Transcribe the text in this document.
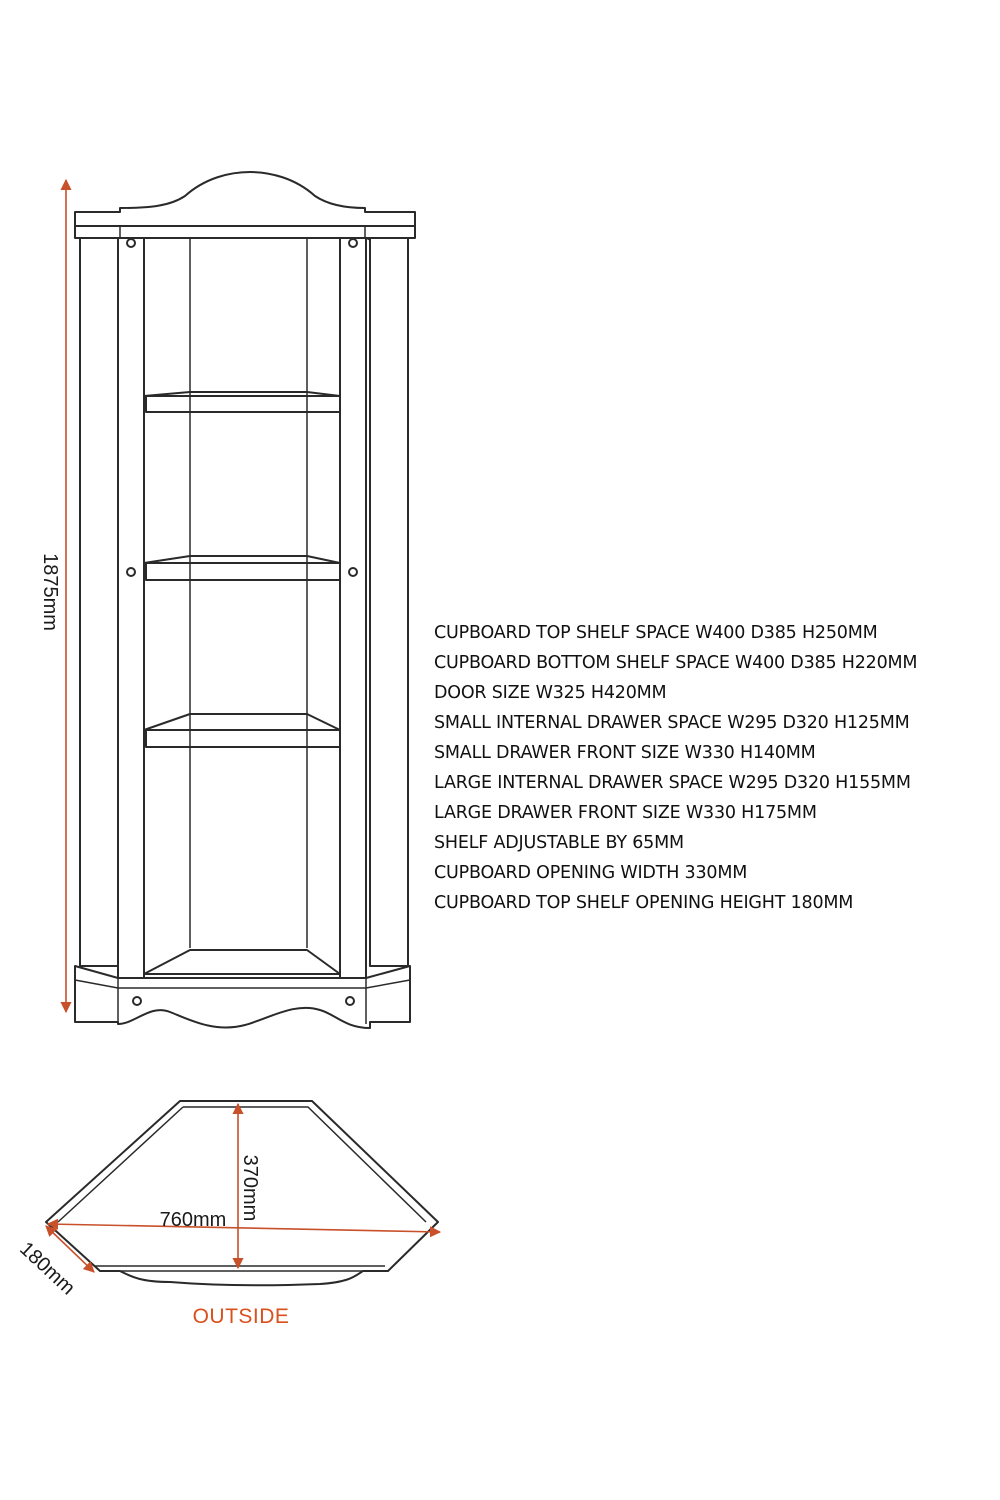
1875mm
760mm 370mm
180mm
OUTSIDE
CUPBOARD TOP SHELF SPACE W400 D385 H250MM
CUPBOARD BOTTOM SHELF SPACE W400 D385 H220MM
DOOR SIZE W325 H420MM
SMALL INTERNAL DRAWER SPACE W295 D320 H125MM
SMALL DRAWER FRONT SIZE W330 H140MM
LARGE INTERNAL DRAWER SPACE W295 D320 H155MM
LARGE DRAWER FRONT SIZE W330 H175MM
SHELF ADJUSTABLE BY 65MM
CUPBOARD OPENING WIDTH 330MM
CUPBOARD TOP SHELF OPENING HEIGHT 180MM
